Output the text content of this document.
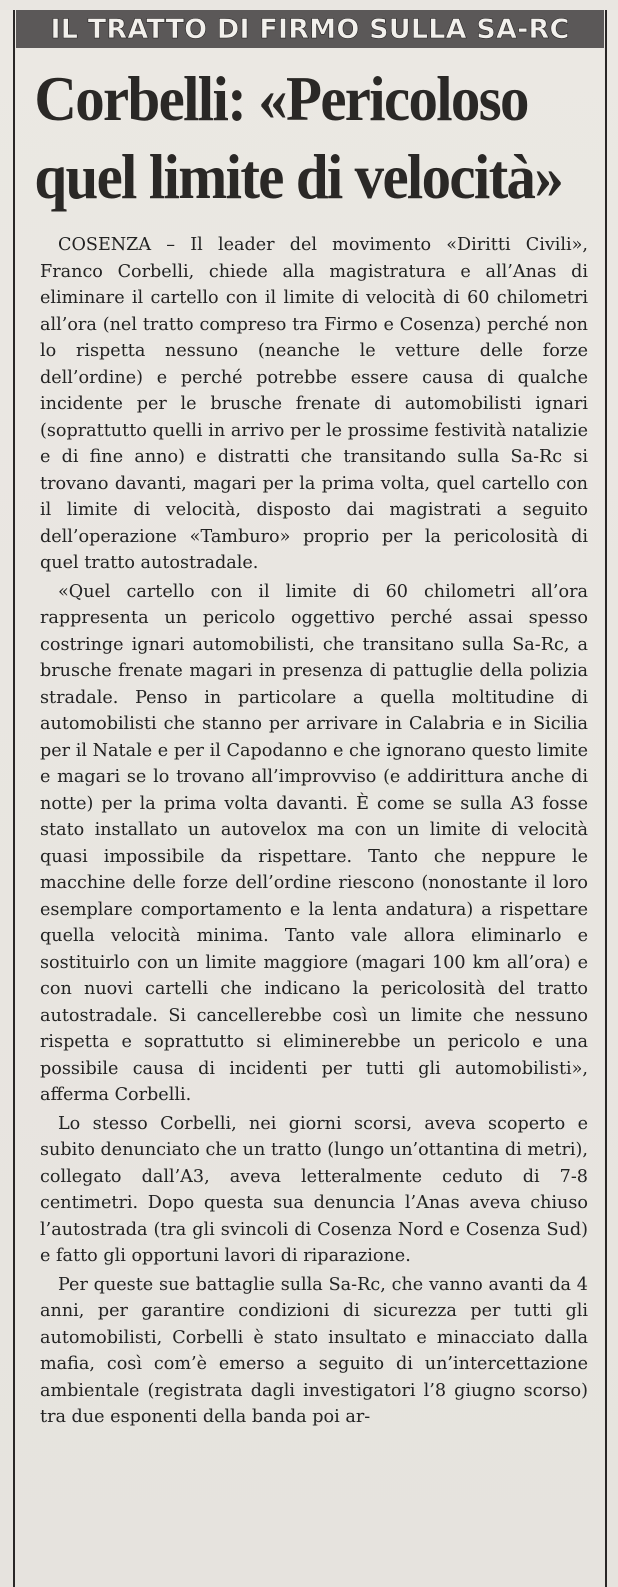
IL TRATTO DI FIRMO SULLA SA-RC
Corbelli: «Pericoloso
quel limite di velocità»

COSENZA – Il leader del movimento «Diritti Civili», Franco Corbelli, chiede alla magistratura e all’Anas di eliminare il cartello con il limite di velocità di 60 chilometri all’ora (nel tratto compreso tra Firmo e Cosenza) perché non lo rispetta nessuno (neanche le vetture delle forze dell’ordine) e perché potrebbe essere causa di qualche incidente per le brusche frenate di automobilisti ignari (soprattutto quelli in arrivo per le prossime festività natalizie e di fine anno) e distratti che transitando sulla Sa-Rc si trovano davanti, magari per la prima volta, quel cartello con il limite di velocità, disposto dai magistrati a seguito dell’operazione «Tamburo» proprio per la pericolosità di quel tratto autostradale.

«Quel cartello con il limite di 60 chilometri all’ora rappresenta un pericolo oggettivo perché assai spesso costringe ignari automobilisti, che transitano sulla Sa-Rc, a brusche frenate magari in presenza di pattuglie della polizia stradale. Penso in particolare a quella moltitudine di automobilisti che stanno per arrivare in Calabria e in Sicilia per il Natale e per il Capodanno e che ignorano questo limite e magari se lo trovano all’improvviso (e addirittura anche di notte) per la prima volta davanti. È come se sulla A3 fosse stato installato un autovelox ma con un limite di velocità quasi impossibile da rispettare. Tanto che neppure le macchine delle forze dell’ordine riescono (nonostante il loro esemplare comportamento e la lenta andatura) a rispettare quella velocità minima. Tanto vale allora eliminarlo e sostituirlo con un limite maggiore (magari 100 km all’ora) e con nuovi cartelli che indicano la pericolosità del tratto autostradale. Si cancellerebbe così un limite che nessuno rispetta e soprattutto si eliminerebbe un pericolo e una possibile causa di incidenti per tutti gli automobilisti», afferma Corbelli.

Lo stesso Corbelli, nei giorni scorsi, aveva scoperto e subito denunciato che un tratto (lungo un’ottantina di metri), collegato dall’A3, aveva letteralmente ceduto di 7-8 centimetri. Dopo questa sua denuncia l’Anas aveva chiuso l’autostrada (tra gli svincoli di Cosenza Nord e Cosenza Sud) e fatto gli opportuni lavori di riparazione.

Per queste sue battaglie sulla Sa-Rc, che vanno avanti da 4 anni, per garantire condizioni di sicurezza per tutti gli automobilisti, Corbelli è stato insultato e minacciato dalla mafia, così com’è emerso a seguito di un’intercettazione ambientale (registrata dagli investigatori l’8 giugno scorso) tra due esponenti della banda poi ar-
